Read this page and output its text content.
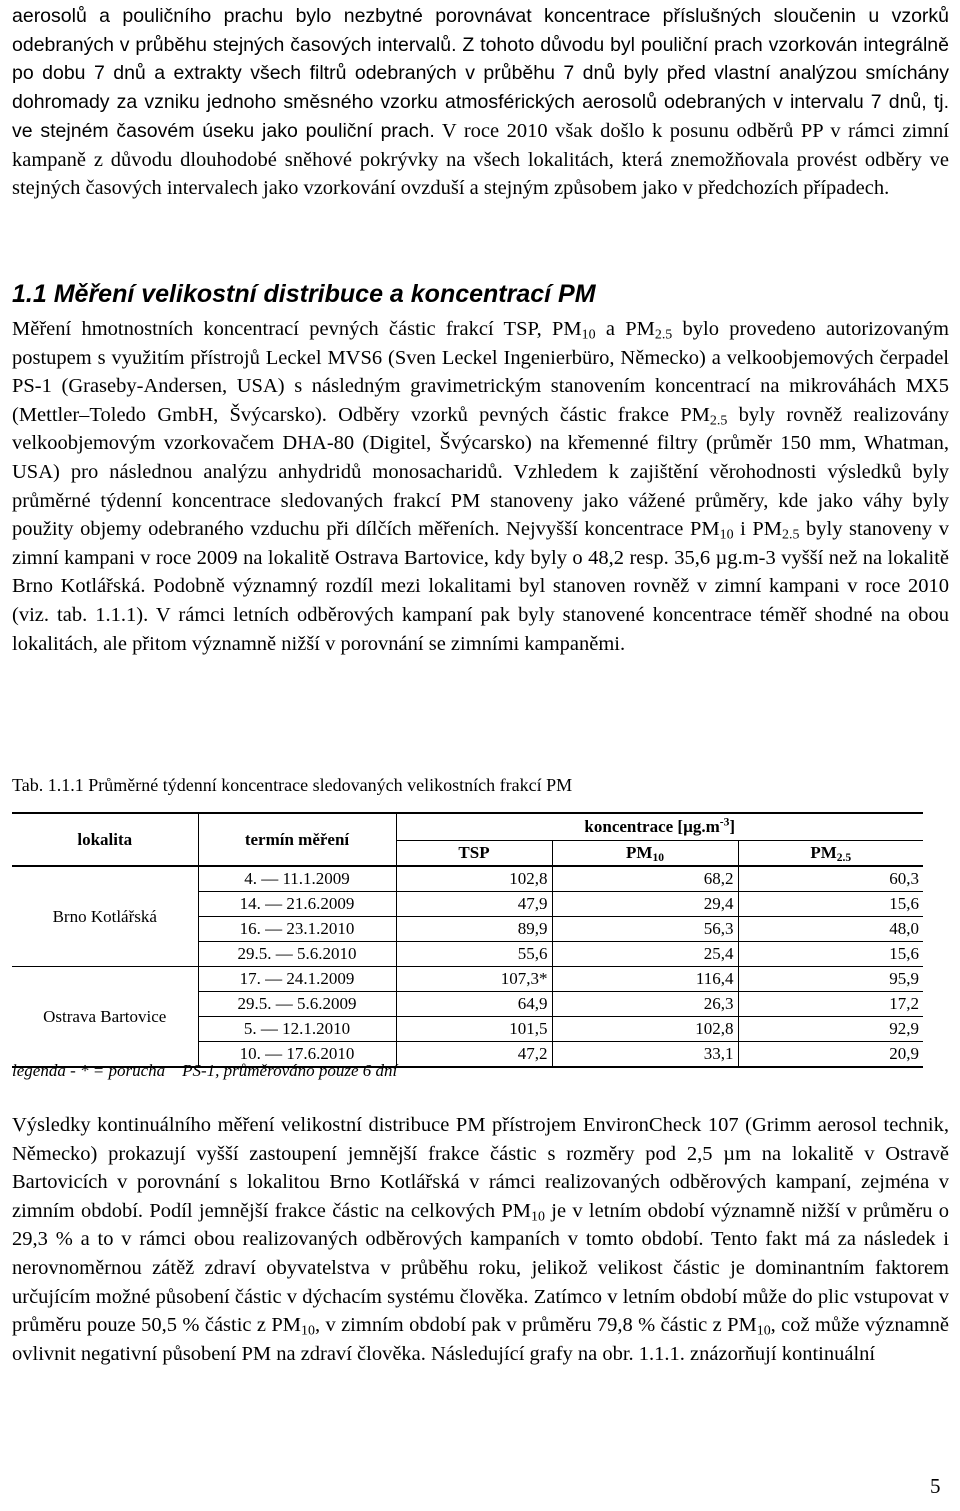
aerosolů a pouličního prachu bylo nezbytné porovnávat koncentrace příslušných sloučenin u vzorků odebraných v průběhu stejných časových intervalů. Z tohoto důvodu byl pouliční prach vzorkován integrálně po dobu 7 dnů a extrakty všech filtrů odebraných v průběhu 7 dnů byly před vlastní analýzou smíchány dohromady za vzniku jednoho směsného vzorku atmosférických aerosolů odebraných v intervalu 7 dnů, tj. ve stejném časovém úseku jako pouliční prach. V roce 2010 však došlo k posunu odběrů PP v rámci zimní kampaně z důvodu dlouhodobé sněhové pokrývky na všech lokalitách, která znemožňovala provést odběry ve stejných časových intervalech jako vzorkování ovzduší a stejným způsobem jako v předchozích případech.

1.1 Měření velikostní distribuce a koncentrací PM

Měření hmotnostních koncentrací pevných částic frakcí TSP, $PM_{10}$ a $PM_{2.5}$ bylo provedeno autorizovaným postupem s využitím přístrojů Leckel MVS6 (Sven Leckel Ingenierbüro, Německo) a velkoobjemových čerpadel PS-1 (Graseby-Andersen, USA) s následným gravimetrickým stanovením koncentrací na mikrováhách MX5 (Mettler–Toledo GmbH, Švýcarsko). Odběry vzorků pevných částic frakce $PM_{2.5}$ byly rovněž realizovány velkoobjemovým vzorkovačem DHA-80 (Digitel, Švýcarsko) na křemenné filtry (průměr 150 mm, Whatman, USA) pro následnou analýzu anhydridů monosacharidů. Vzhledem k zajištění věrohodnosti výsledků byly průměrné týdenní koncentrace sledovaných frakcí PM stanoveny jako vážené průměry, kde jako váhy byly použity objemy odebraného vzduchu při dílčích měřeních. Nejvyšší koncentrace $PM_{10}$ i $PM_{2.5}$ byly stanoveny v zimní kampani v roce 2009 na lokalitě Ostrava Bartovice, kdy byly o 48,2 resp. 35,6 µg.m-3 vyšší než na lokalitě Brno Kotlářská. Podobně významný rozdíl mezi lokalitami byl stanoven rovněž v zimní kampani v roce 2010 (viz. tab. 1.1.1). V rámci letních odběrových kampaní pak byly stanovené koncentrace téměř shodné na obou lokalitách, ale přitom významně nižší v porovnání se zimními kampaněmi.

Tab. 1.1.1 Průměrné týdenní koncentrace sledovaných velikostních frakcí PM

lokalita	termín měření	koncentrace $[\mu g.m^{-3}]$		
		TSP	$PM_{10}$	$PM_{2.5}$
Brno Kotlářská	4. — 11.1.2009	102,8	68,2	60,3
	14. — 21.6.2009	47,9	29,4	15,6
	16. — 23.1.2010	89,9	56,3	48,0
	29.5. — 5.6.2010	55,6	25,4	15,6
Ostrava Bartovice	17. — 24.1.2009	107,3*	116,4	95,9
	29.5. — 5.6.2009	64,9	26,3	17,2
	5. — 12.1.2010	101,5	102,8	92,9
	10. — 17.6.2010	47,2	33,1	20,9

legenda - * = porucha    PS-1, průměrováno pouze 6 dní

Výsledky kontinuálního měření velikostní distribuce PM přístrojem EnvironCheck 107 (Grimm aerosol technik, Německo) prokazují vyšší zastoupení jemnější frakce částic s rozměry pod 2,5 µm na lokalitě v Ostravě Bartovicích v porovnání s lokalitou Brno Kotlářská v rámci realizovaných odběrových kampaní, zejména v zimním období. Podíl jemnější frakce částic na celkových $PM_{10}$ je v letním období významně nižší v průměru o 29,3 % a to v rámci obou realizovaných odběrových kampaních v tomto období. Tento fakt má za následek i nerovnoměrnou zátěž zdraví obyvatelstva v průběhu roku, jelikož velikost částic je dominantním faktorem určujícím možné působení částic v dýchacím systému člověka. Zatímco v letním období může do plic vstupovat v průměru pouze 50,5 % částic z $PM_{10}$, v zimním období pak v průměru 79,8 % částic z $PM_{10}$, což může významně ovlivnit negativní působení PM na zdraví člověka. Následující grafy na obr. 1.1.1. znázorňují kontinuální

5
